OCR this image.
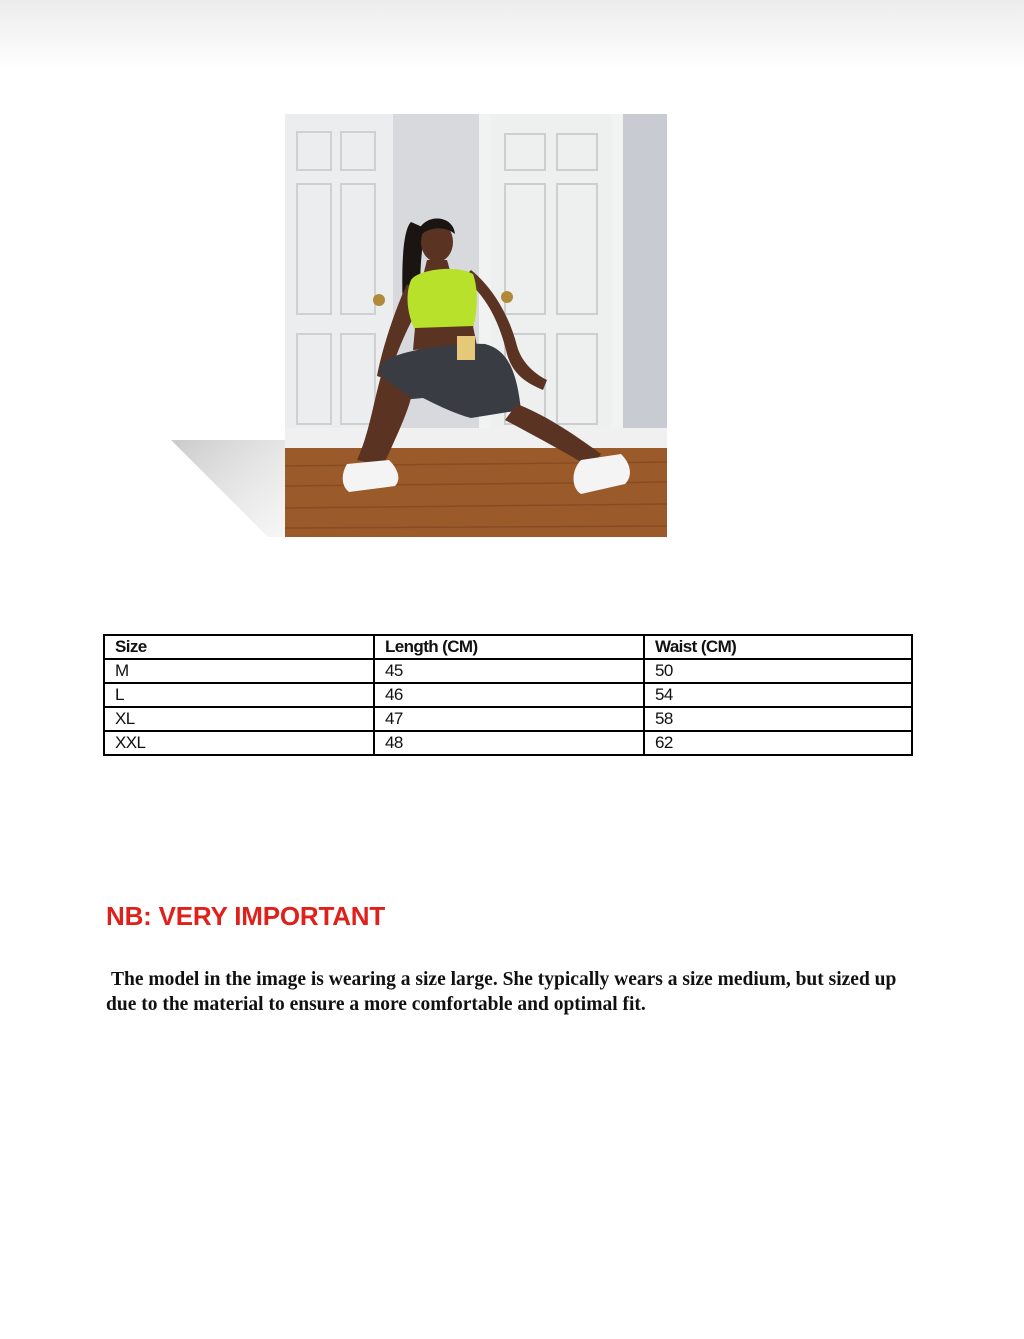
Size	Length (CM)	Waist (CM)
M	45	50
L	46	54
XL	47	58
XXL	48	62
NB: VERY IMPORTANT

The model in the image is wearing a size large. She typically wears a size medium, but sized up due to the material to ensure a more comfortable and optimal fit.
